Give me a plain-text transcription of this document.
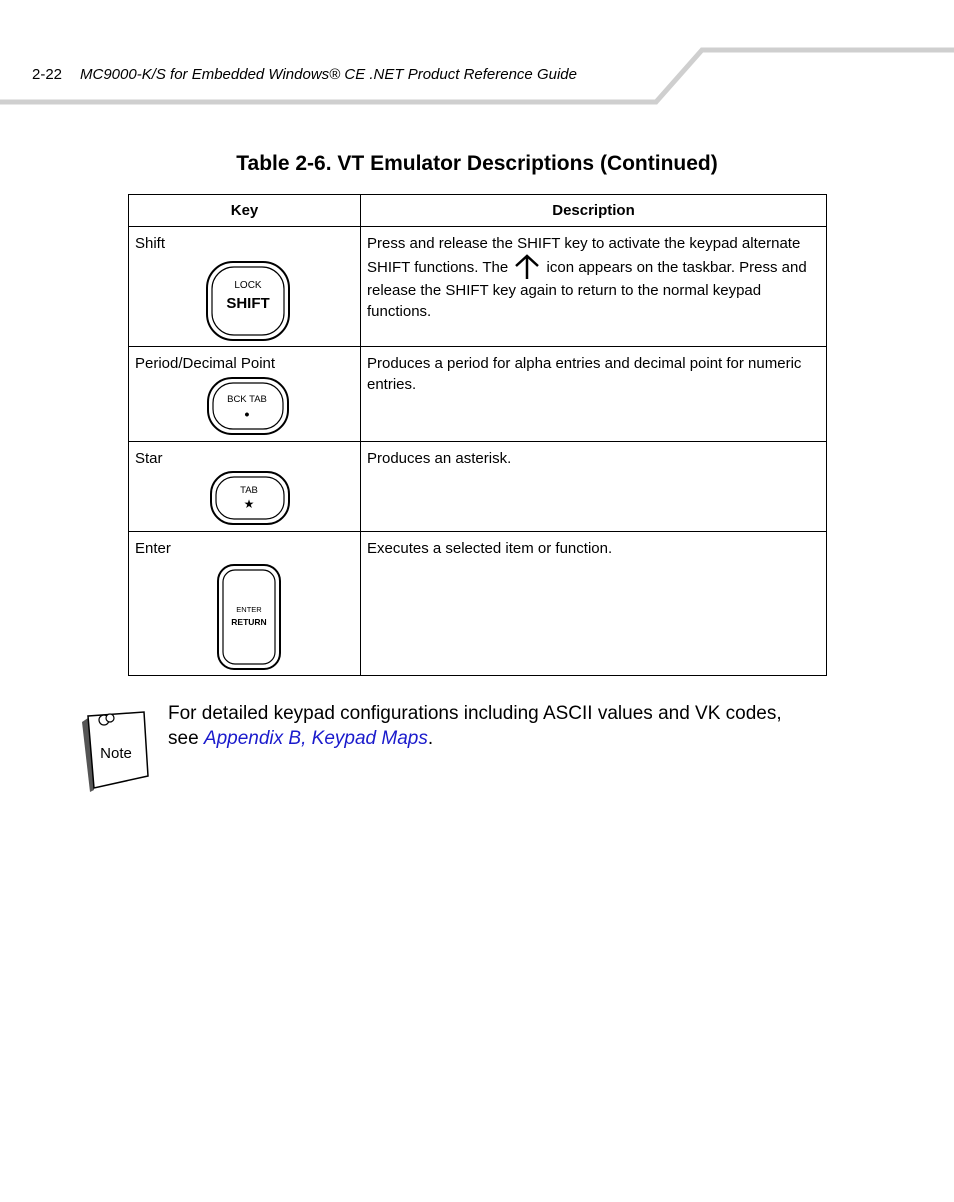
2-22 MC9000-K/S for Embedded Windows® CE .NET Product Reference Guide
Table 2-6. VT Emulator Descriptions (Continued)
Key	Description

Shift
LOCK
SHIFT	Press and release the SHIFT key to activate the keypad alternate SHIFT functions. The icon appears on the taskbar. Press and release the SHIFT key again to return to the normal keypad functions.

Period/Decimal Point
BCK TAB
•	Produces a period for alpha entries and decimal point for numeric entries.

Star
TAB
★	Produces an asterisk.

Enter
ENTER
RETURN	Executes a selected item or function.
Note
For detailed keypad configurations including ASCII values and VK codes, see Appendix B, Keypad Maps.
